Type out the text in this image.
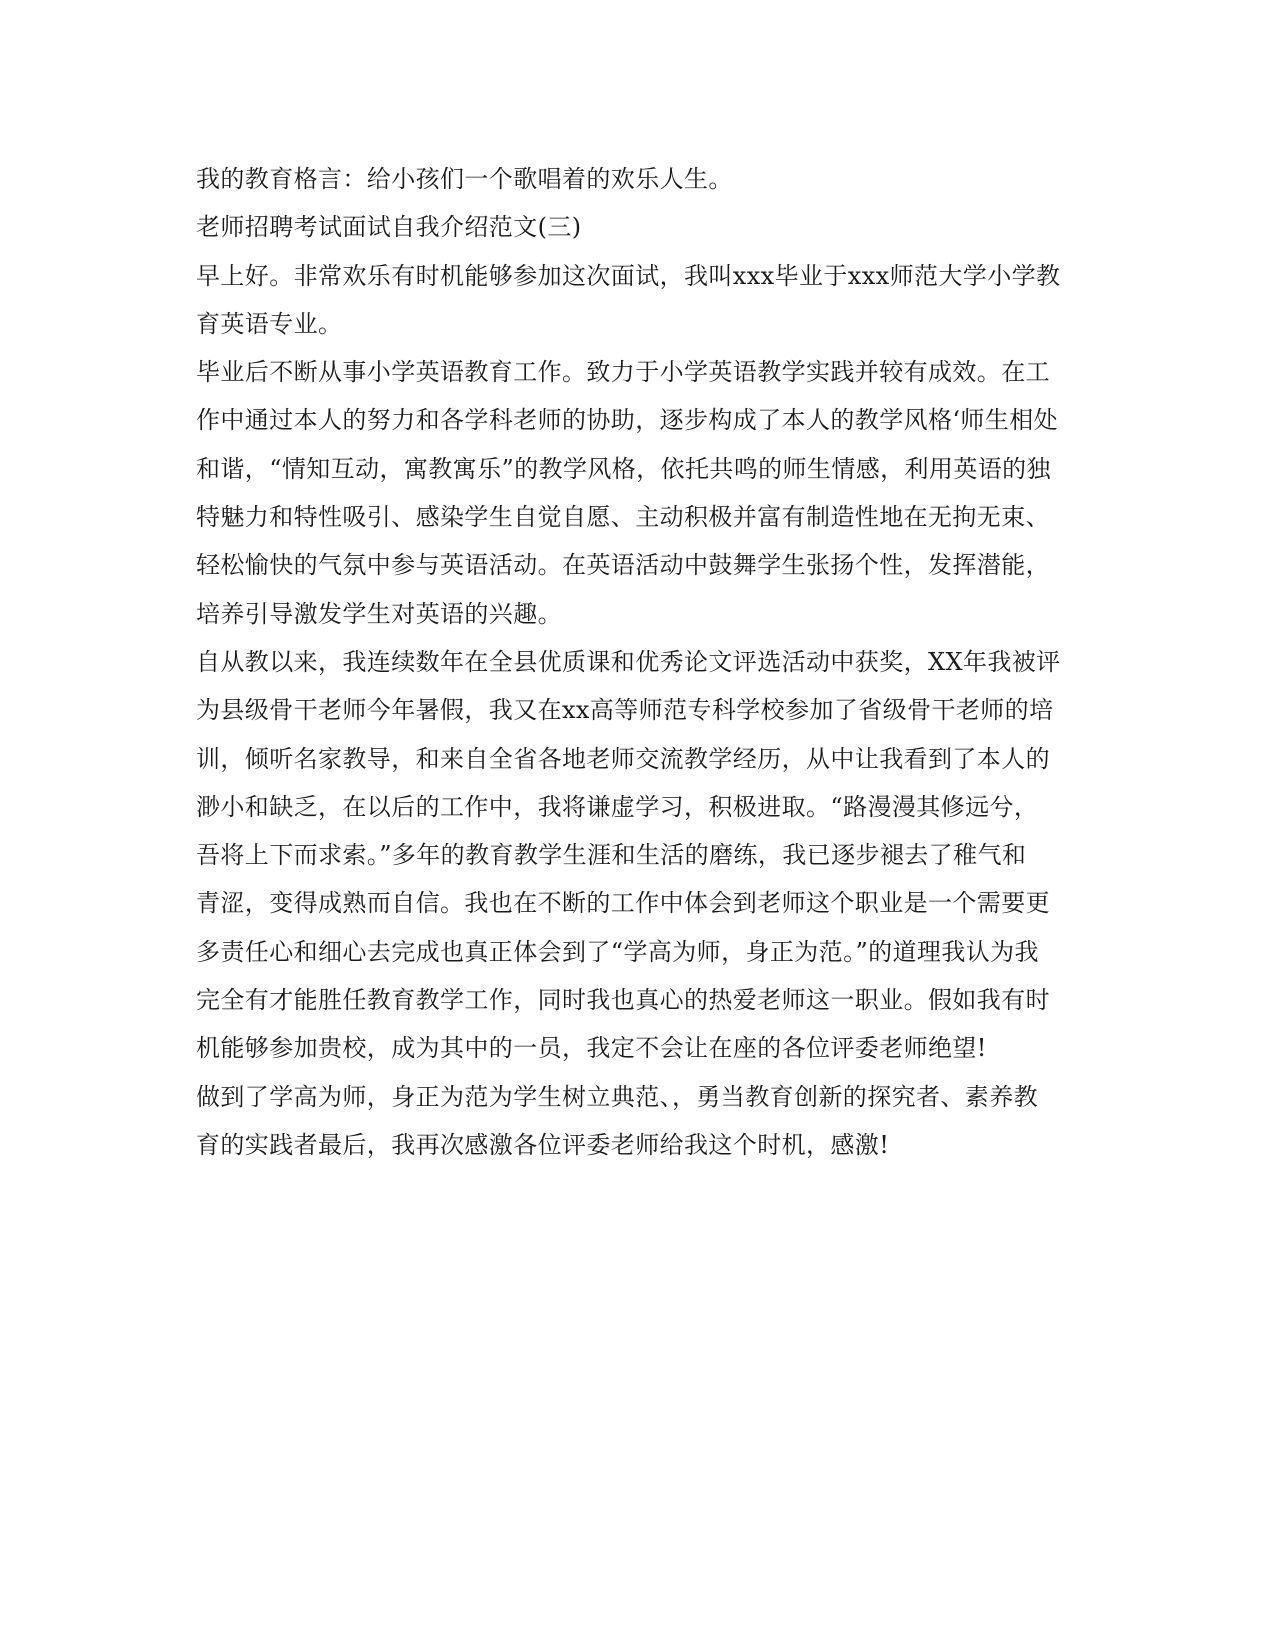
我的教育格言：给小孩们一个歌唱着的欢乐人生。
老师招聘考试面试自我介绍范文(三)
早上好。非常欢乐有时机能够参加这次面试，我叫xxx毕业于xxx师范大学小学教
育英语专业。
毕业后不断从事小学英语教育工作。致力于小学英语教学实践并较有成效。在工
作中通过本人的努力和各学科老师的协助，逐步构成了本人的教学风格‘师生相处
和谐，“情知互动，寓教寓乐”的教学风格，依托共鸣的师生情感，利用英语的独
特魅力和特性吸引、感染学生自觉自愿、主动积极并富有制造性地在无拘无束、
轻松愉快的气氛中参与英语活动。在英语活动中鼓舞学生张扬个性，发挥潜能，
培养引导激发学生对英语的兴趣。
自从教以来，我连续数年在全县优质课和优秀论文评选活动中获奖，XX年我被评
为县级骨干老师今年暑假，我又在xx高等师范专科学校参加了省级骨干老师的培
训，倾听名家教导，和来自全省各地老师交流教学经历，从中让我看到了本人的
渺小和缺乏，在以后的工作中，我将谦虚学习，积极进取。“路漫漫其修远兮，
吾将上下而求索。”多年的教育教学生涯和生活的磨练，我已逐步褪去了稚气和
青涩，变得成熟而自信。我也在不断的工作中体会到老师这个职业是一个需要更
多责任心和细心去完成也真正体会到了“学高为师，身正为范。”的道理我认为我
完全有才能胜任教育教学工作，同时我也真心的热爱老师这一职业。假如我有时
机能够参加贵校，成为其中的一员，我定不会让在座的各位评委老师绝望!
做到了学高为师，身正为范为学生树立典范、，勇当教育创新的探究者、素养教
育的实践者最后，我再次感激各位评委老师给我这个时机，感激!
